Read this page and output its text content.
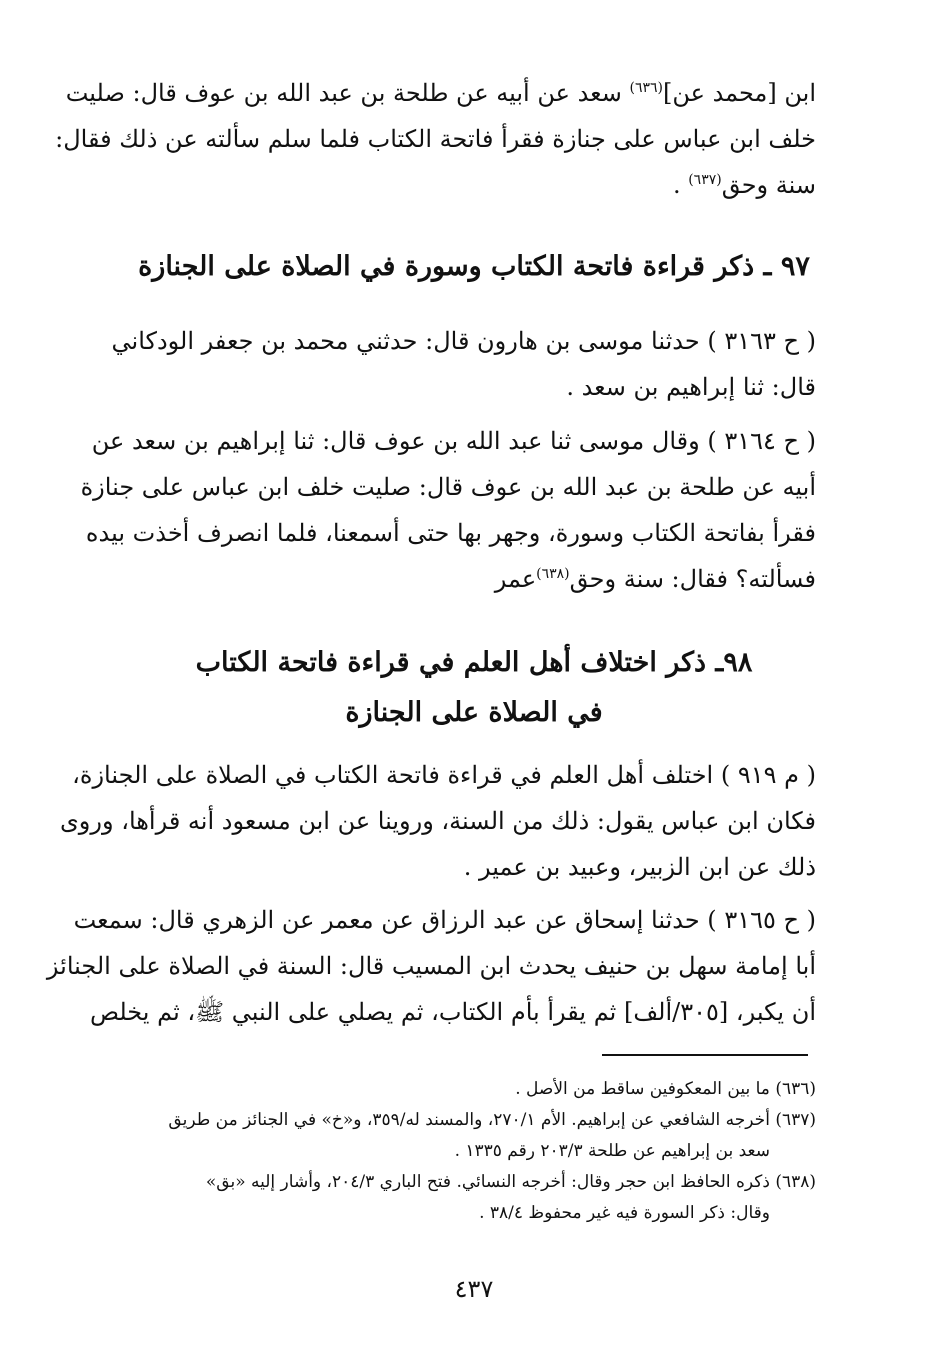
ابن [محمد عن]$^{(٦٣٦)}$ سعد عن أبيه عن طلحة بن عبد الله بن عوف قال: صليت
خلف ابن عباس على جنازة فقرأ فاتحة الكتاب فلما سلم سألته عن ذلك فقال:
سنة وحق$^{(٦٣٧)}$ .
٩٧ ـ ذكر قراءة فاتحة الكتاب وسورة في الصلاة على الجنازة
( ح ٣١٦٣ ) حدثنا موسى بن هارون قال: حدثني محمد بن جعفر الودكاني
قال: ثنا إبراهيم بن سعد .
( ح ٣١٦٤ ) وقال موسى ثنا عبد الله بن عوف قال: ثنا إبراهيم بن سعد عن
أبيه عن طلحة بن عبد الله بن عوف قال: صليت خلف ابن عباس على جنازة
فقرأ بفاتحة الكتاب وسورة، وجهر بها حتى أسمعنا، فلما انصرف أخذت بيده
فسألته؟ فقال: سنة وحق$^{(٦٣٨)}$عمر
٩٨ـ ذكر اختلاف أهل العلم في قراءة فاتحة الكتاب
في الصلاة على الجنازة
( م ٩١٩ ) اختلف أهل العلم في قراءة فاتحة الكتاب في الصلاة على الجنازة،
فكان ابن عباس يقول: ذلك من السنة، وروينا عن ابن مسعود أنه قرأها، وروى
ذلك عن ابن الزبير، وعبيد بن عمير .
( ح ٣١٦٥ ) حدثنا إسحاق عن عبد الرزاق عن معمر عن الزهري قال: سمعت
أبا إمامة سهل بن حنيف يحدث ابن المسيب قال: السنة في الصلاة على الجنائز
أن يكبر، [٣٠٥/ألف] ثم يقرأ بأم الكتاب، ثم يصلي على النبي ﷺ، ثم يخلص
(٦٣٦) ما بين المعكوفين ساقط من الأصل .
(٦٣٧) أخرجه الشافعي عن إبراهيم. الأم ٢٧٠/١، والمسند له/٣٥٩، و«خ» في الجنائز من طريق
سعد بن إبراهيم عن طلحة ٢٠٣/٣ رقم ١٣٣٥ .
(٦٣٨) ذكره الحافظ ابن حجر وقال: أخرجه النسائي. فتح الباري ٢٠٤/٣، وأشار إليه «بق»
وقال: ذكر السورة فيه غير محفوظ ٣٨/٤ .
٤٣٧
